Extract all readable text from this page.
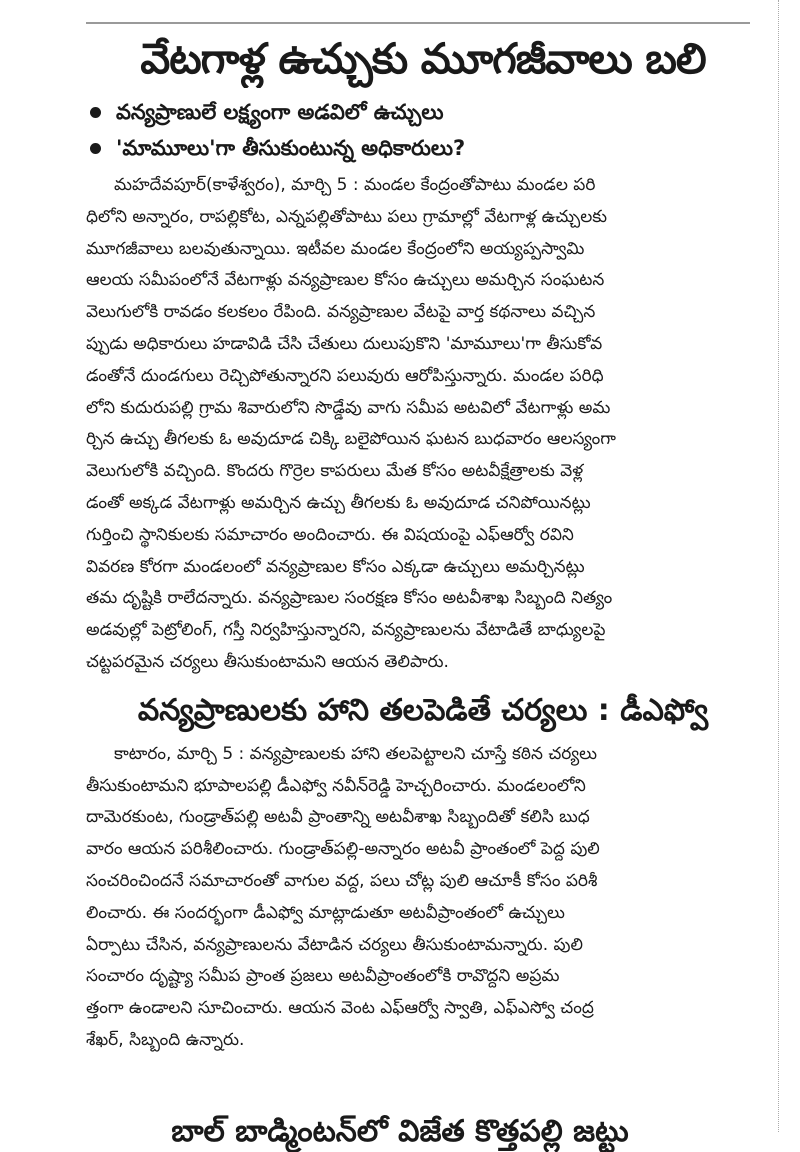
వేటగాళ్ల ఉచ్చుకు మూగజీవాలు బలి
వన్యప్రాణులే లక్ష్యంగా అడవిలో ఉచ్చులు
'మామూలు'గా తీసుకుంటున్న అధికారులు?
మహదేవపూర్(కాళేశ్వరం), మార్చి 5 : మండల కేంద్రంతోపాటు మండల పరి
ధిలోని అన్నారం, రాపల్లికోట, ఎన్నపల్లితోపాటు పలు గ్రామాల్లో వేటగాళ్ల ఉచ్చులకు
మూగజీవాలు బలవుతున్నాయి. ఇటీవల మండల కేంద్రంలోని అయ్యప్పస్వామి
ఆలయ సమీపంలోనే వేటగాళ్లు వన్యప్రాణుల కోసం ఉచ్చులు అమర్చిన సంఘటన
వెలుగులోకి రావడం కలకలం రేపింది. వన్యప్రాణుల వేటపై వార్త కథనాలు వచ్చిన
ప్పుడు అధికారులు హడావిడి చేసి చేతులు దులుపుకొని 'మామూలు'గా తీసుకోవ
డంతోనే దుండగులు రెచ్చిపోతున్నారని పలువురు ఆరోపిస్తున్నారు. మండల పరిధి
లోని కుదురుపల్లి గ్రామ శివారులోని సొడ్డేవు వాగు సమీప అటవిలో వేటగాళ్లు అమ
ర్చిన ఉచ్చు తీగలకు ఓ అవుదూడ చిక్కి బలైపోయిన ఘటన బుధవారం ఆలస్యంగా
వెలుగులోకి వచ్చింది. కొందరు గొర్రెల కాపరులు మేత కోసం అటవీక్షేత్రాలకు వెళ్ల
డంతో అక్కడ వేటగాళ్లు అమర్చిన ఉచ్చు తీగలకు ఓ అవుదూడ చనిపోయినట్లు
గుర్తించి స్థానికులకు సమాచారం అందించారు. ఈ విషయంపై ఎఫ్ఆర్వో రవిని
వివరణ కోరగా మండలంలో వన్యప్రాణుల కోసం ఎక్కడా ఉచ్చులు అమర్చినట్లు
తమ దృష్టికి రాలేదన్నారు. వన్యప్రాణుల సంరక్షణ కోసం అటవీశాఖ సిబ్బంది నిత్యం
అడవుల్లో పెట్రోలింగ్, గస్తీ నిర్వహిస్తున్నారని, వన్యప్రాణులను వేటాడితే బాధ్యులపై
చట్టపరమైన చర్యలు తీసుకుంటామని ఆయన తెలిపారు.
వన్యప్రాణులకు హాని తలపెడితే చర్యలు : డీఎఫ్వో
కాటారం, మార్చి 5 : వన్యప్రాణులకు హాని తలపెట్టాలని చూస్తే కఠిన చర్యలు
తీసుకుంటామని భూపాలపల్లి డీఎఫ్వో నవీన్‌రెడ్డి హెచ్చరించారు. మండలంలోని
దామెరకుంట, గుండ్రాత్‌పల్లి అటవీ ప్రాంతాన్ని అటవీశాఖ సిబ్బందితో కలిసి బుధ
వారం ఆయన పరిశీలించారు. గుండ్రాత్‌పల్లి-అన్నారం అటవీ ప్రాంతంలో పెద్ద పులి
సంచరించిందనే సమాచారంతో వాగుల వద్ద, పలు చోట్ల పులి ఆచూకీ కోసం పరిశీ
లించారు. ఈ సందర్భంగా డీఎఫ్వో మాట్లాడుతూ అటవీప్రాంతంలో ఉచ్చులు
ఏర్పాటు చేసిన, వన్యప్రాణులను వేటాడిన చర్యలు తీసుకుంటామన్నారు. పులి
సంచారం దృష్ట్యా సమీప ప్రాంత ప్రజలు అటవీప్రాంతంలోకి రావొద్దని అప్రమ
త్తంగా ఉండాలని సూచించారు. ఆయన వెంట ఎఫ్ఆర్వో స్వాతి, ఎఫ్ఎస్వో చంద్ర
శేఖర్, సిబ్బంది ఉన్నారు.
బాల్ బాడ్మింటన్‌లో విజేత కొత్తపల్లి జట్టు
